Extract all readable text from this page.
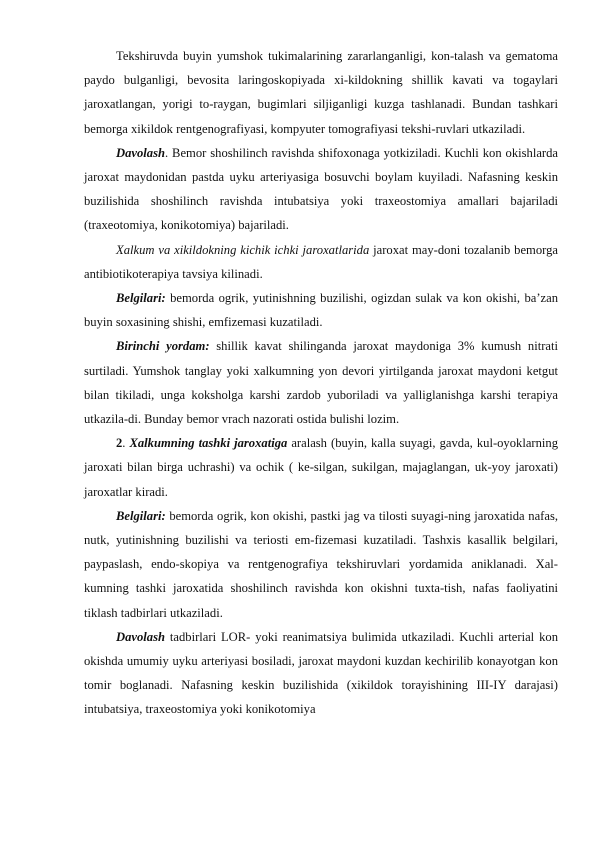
Tekshiruvda buyin yumshok tukimalarining zararlanganligi, kon-talash va gematoma paydo bulganligi, bevosita laringoskopiyada xi-kildokning shillik kavati va togaylari jaroxatlangan, yorigi to-raygan, bugimlari siljiganligi kuzga tashlanadi. Bundan tashkari bemorga xikildok rentgenografiyasi, kompyuter tomografiyasi tekshi-ruvlari utkaziladi.

Davolash. Bemor shoshilinch ravishda shifoxonaga yotkiziladi. Kuchli kon okishlarda jaroxat maydonidan pastda uyku arteriyasiga bosuvchi boylam kuyiladi. Nafasning keskin buzilishida shoshilinch ravishda intubatsiya yoki traxeostomiya amallari bajariladi (traxeotomiya, konikotomiya) bajariladi.

Xalkum va xikildokning kichik ichki jaroxatlarida jaroxat may-doni tozalanib bemorga antibiotikoterapiya tavsiya kilinadi.

Belgilari: bemorda ogrik, yutinishning buzilishi, ogizdan sulak va kon okishi, ba’zan buyin soxasining shishi, emfizemasi kuzatiladi.

Birinchi yordam: shillik kavat shilinganda jaroxat maydoniga 3% kumush nitrati surtiladi. Yumshok tanglay yoki xalkumning yon devori yirtilganda jaroxat maydoni ketgut bilan tikiladi, unga koksholga karshi zardob yuboriladi va yalliglanishga karshi terapiya utkazila-di. Bunday bemor vrach nazorati ostida bulishi lozim.

2. Xalkumning tashki jaroxatiga aralash (buyin, kalla suyagi, gavda, kul-oyoklarning jaroxati bilan birga uchrashi) va ochik ( ke-silgan, sukilgan, majaglangan, uk-yoy jaroxati) jaroxatlar kiradi.

Belgilari: bemorda ogrik, kon okishi, pastki jag va tilosti suyagi-ning jaroxatida nafas, nutk, yutinishning buzilishi va teriosti em-fizemasi kuzatiladi. Tashxis kasallik belgilari, paypaslash, endo-skopiya va rentgenografiya tekshiruvlari yordamida aniklanadi. Xal-kumning tashki jaroxatida shoshilinch ravishda kon okishni tuxta-tish, nafas faoliyatini tiklash tadbirlari utkaziladi.

Davolash tadbirlari LOR- yoki reanimatsiya bulimida utkaziladi. Kuchli arterial kon okishda umumiy uyku arteriyasi bosiladi, jaroxat maydoni kuzdan kechirilib konayotgan kon tomir boglanadi. Nafasning keskin buzilishida (xikildok torayishining III-IY darajasi) intubatsiya, traxeostomiya yoki konikotomiya
